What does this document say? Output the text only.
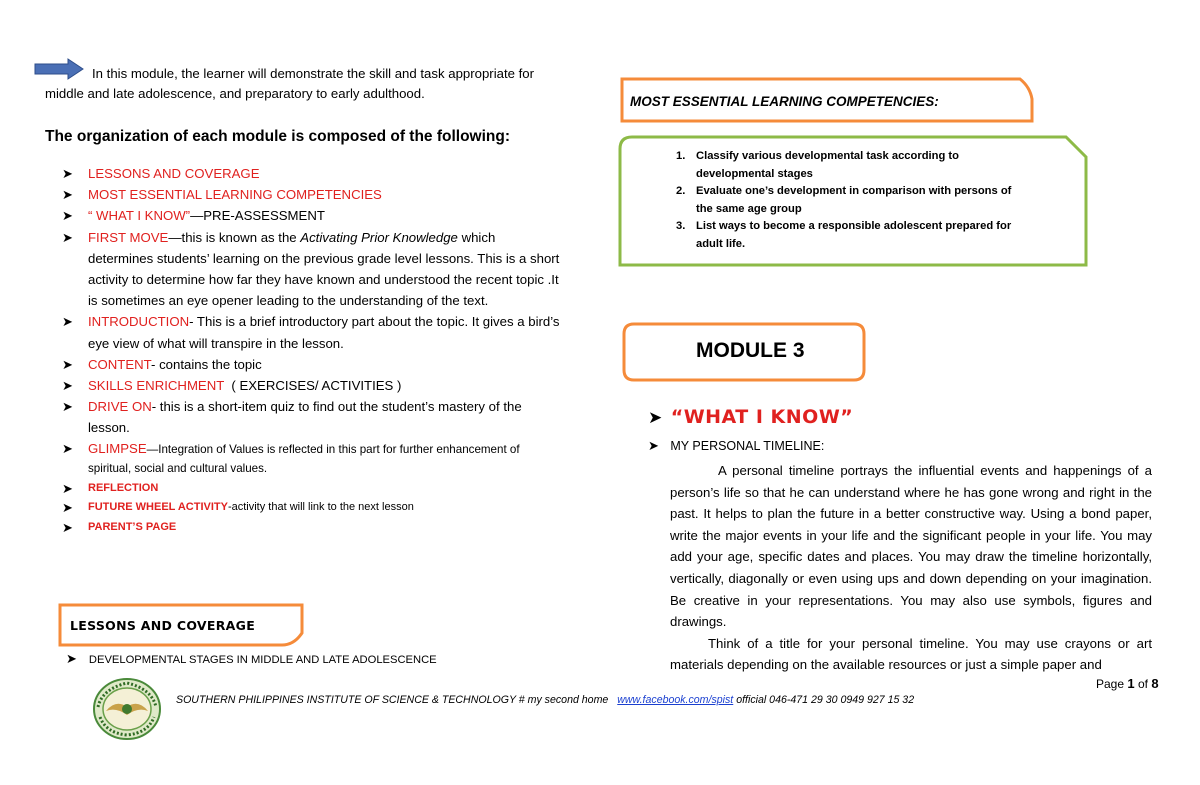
In this module, the learner will demonstrate the skill and task appropriate for
middle and late adolescence, and preparatory to early adulthood.
The organization of each module is composed of the following:
➤ LESSONS AND COVERAGE
➤ MOST ESSENTIAL LEARNING COMPETENCIES
➤ “ WHAT I KNOW”—PRE-ASSESSMENT
➤ FIRST MOVE—this is known as the Activating Prior Knowledge which determines students’ learning on the previous grade level lessons. This is a short activity to determine how far they have known and understood the recent topic .It is sometimes an eye opener leading to the understanding of the text.
➤ INTRODUCTION- This is a brief introductory part about the topic. It gives a bird’s eye view of what will transpire in the lesson.
➤ CONTENT- contains the topic
➤ SKILLS ENRICHMENT  ( EXERCISES/ ACTIVITIES )
➤ DRIVE ON- this is a short-item quiz to find out the student’s mastery of the lesson.
➤ GLIMPSE—Integration of Values is reflected in this part for further enhancement of spiritual, social and cultural values.
➤ REFLECTION
➤ FUTURE WHEEL ACTIVITY-activity that will link to the next lesson
➤ PARENT’S PAGE
LESSONS AND COVERAGE
➤ DEVELOPMENTAL STAGES IN MIDDLE AND LATE ADOLESCENCE
MOST ESSENTIAL LEARNING COMPETENCIES:
1. Classify various developmental task according to
developmental stages
2. Evaluate one’s development in comparison with persons of
the same age group
3. List ways to become a responsible adolescent prepared for
adult life.
MODULE 3
➤ “WHAT I KNOW”
➤ MY PERSONAL TIMELINE:

A personal timeline portrays the influential events and happenings of a person’s life so that he can understand where he has gone wrong and right in the past. It helps to plan the future in a better constructive way. Using a bond paper, write the major events in your life and the significant people in your life. You may add your age, specific dates and places. You may draw the timeline horizontally, vertically, diagonally or even using ups and down depending on your imagination. Be creative in your representations. You may also use symbols, figures and drawings.

Think of a title for your personal timeline. You may use crayons or art materials depending on the available resources or just a simple paper and

Page 1 of 8
SOUTHERN PHILIPPINES INSTITUTE OF SCIENCE & TECHNOLOGY # my second home www.facebook.com/spist official 046-471 29 30 0949 927 15 32
